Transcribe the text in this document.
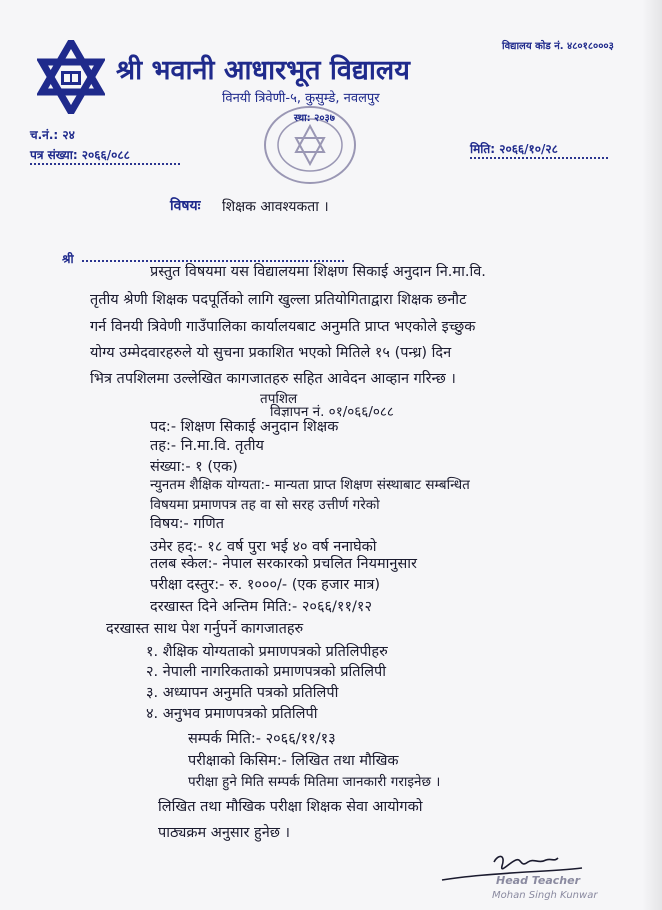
विद्यालय कोड नं. ४८०१८०००३
श्री भवानी आधारभूत विद्यालय
विनयी त्रिवेणी-५, कुसुम्डे, नवलपुर
च.नं.: २४
पत्र संख्या: २०६६/०८८	मिति: २०६६/१०/२८
स्था: २०३७
विषयः शिक्षक आवश्यकता ।
श्री
प्रस्तुत विषयमा यस विद्यालयमा शिक्षण सिकाई अनुदान नि.मा.वि.
तृतीय श्रेणी शिक्षक पदपूर्तिको लागि खुल्ला प्रतियोगिताद्वारा शिक्षक छनौट
गर्न विनयी त्रिवेणी गाउँपालिका कार्यालयबाट अनुमति प्राप्त भएकोले इच्छुक
योग्य उम्मेदवारहरुले यो सुचना प्रकाशित भएको मितिले १५ (पन्ध्र) दिन
भित्र तपशिलमा उल्लेखित कागजातहरु सहित आवेदन आव्हान गरिन्छ ।
तपशिल
विज्ञापन नं. ०१/०६६/०८८
पद:- शिक्षण सिकाई अनुदान शिक्षक
तह:- नि.मा.वि. तृतीय
संख्या:- १ (एक)
न्युनतम शैक्षिक योग्यता:- मान्यता प्राप्त शिक्षण संस्थाबाट सम्बन्धित
विषयमा प्रमाणपत्र तह वा सो सरह उत्तीर्ण गरेको
विषय:- गणित
उमेर हद:- १८ वर्ष पुरा भई ४० वर्ष ननाघेको
तलब स्केल:- नेपाल सरकारको प्रचलित नियमानुसार
परीक्षा दस्तुर:- रु. १०००/- (एक हजार मात्र)
दरखास्त दिने अन्तिम मिति:- २०६६/११/१२
दरखास्त साथ पेश गर्नुपर्ने कागजातहरु
१. शैक्षिक योग्यताको प्रमाणपत्रको प्रतिलिपीहरु
२. नेपाली नागरिकताको प्रमाणपत्रको प्रतिलिपी
३. अध्यापन अनुमति पत्रको प्रतिलिपी
४. अनुभव प्रमाणपत्रको प्रतिलिपी
सम्पर्क मिति:- २०६६/११/१३
परीक्षाको किसिम:- लिखित तथा मौखिक
परीक्षा हुने मिति सम्पर्क मितिमा जानकारी गराइनेछ ।
लिखित तथा मौखिक परीक्षा शिक्षक सेवा आयोगको
पाठ्यक्रम अनुसार हुनेछ ।
Head Teacher
Mohan Singh Kunwar
